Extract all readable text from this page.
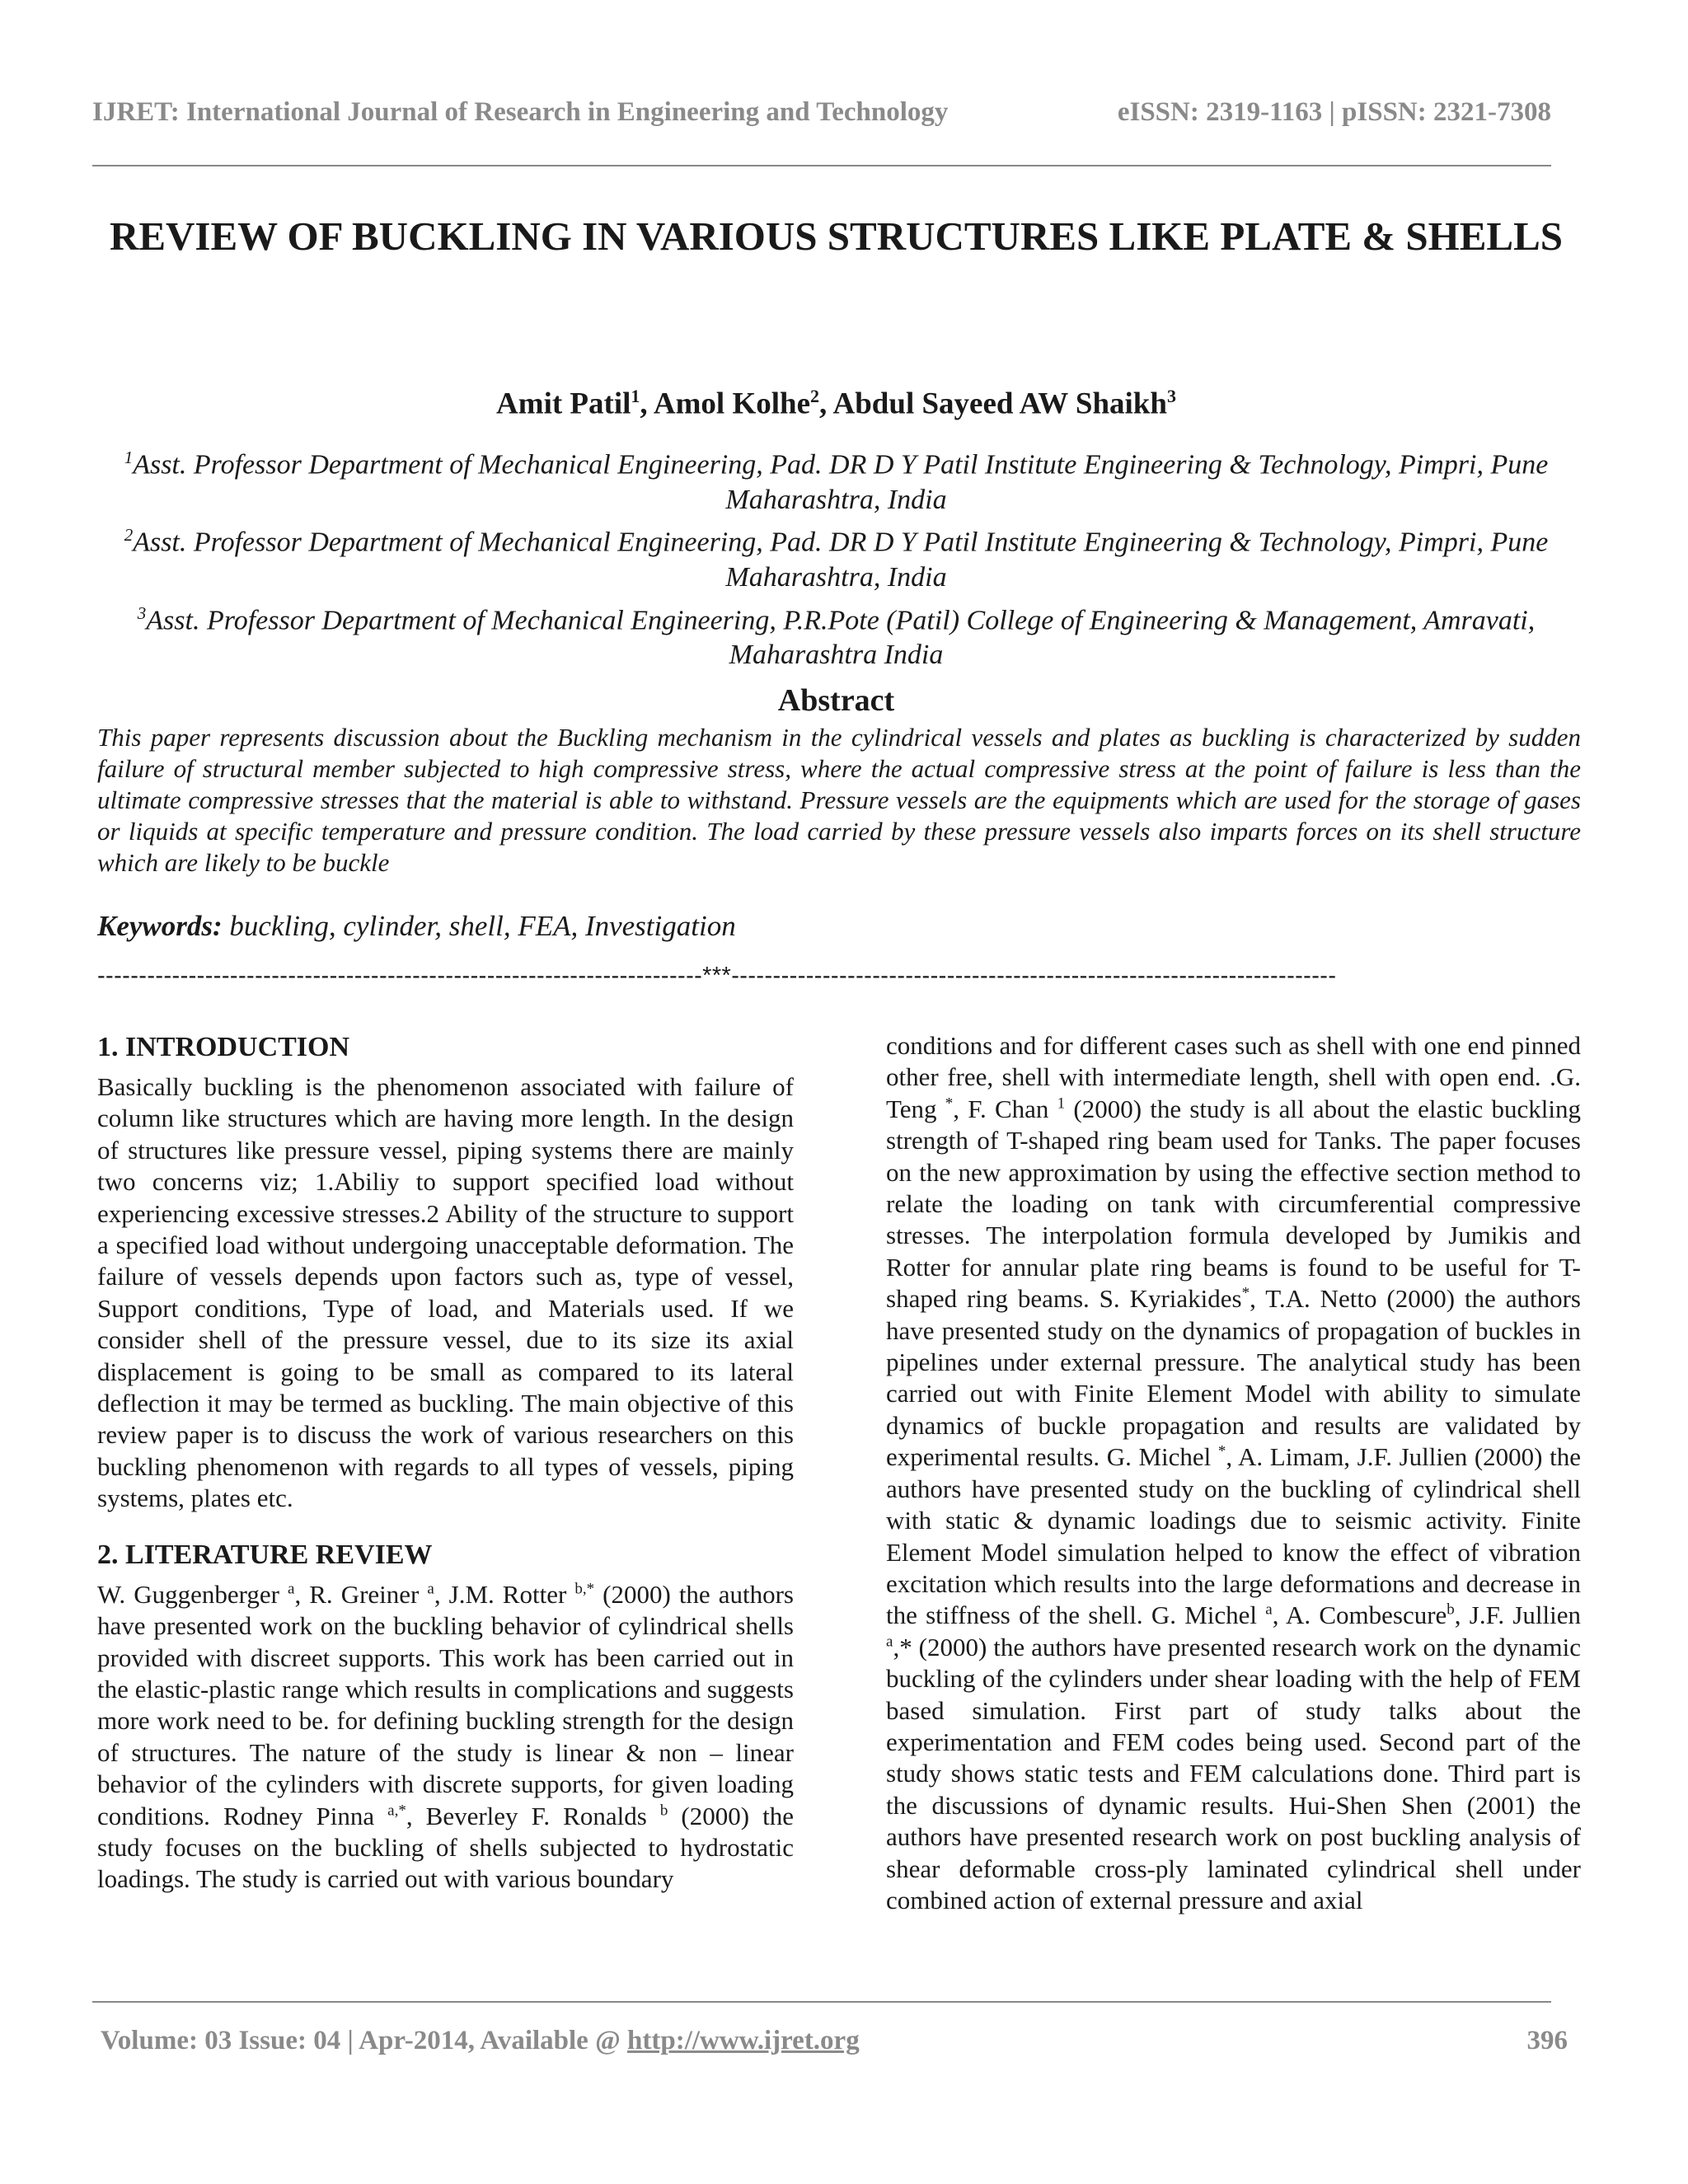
IJRET: International Journal of Research in Engineering and Technology	eISSN: 2319-1163 | pISSN: 2321-7308
REVIEW OF BUCKLING IN VARIOUS STRUCTURES LIKE PLATE & SHELLS
Amit Patil$^1$, Amol Kolhe$^2$, Abdul Sayeed AW Shaikh$^3$

$^1$Asst. Professor Department of Mechanical Engineering, Pad. DR D Y Patil Institute Engineering & Technology, Pimpri, Pune Maharashtra, India

$^2$Asst. Professor Department of Mechanical Engineering, Pad. DR D Y Patil Institute Engineering & Technology, Pimpri, Pune Maharashtra, India

$^3$Asst. Professor Department of Mechanical Engineering, P.R.Pote (Patil) College of Engineering & Management, Amravati, Maharashtra India

Abstract

This paper represents discussion about the Buckling mechanism in the cylindrical vessels and plates as buckling is characterized by sudden failure of structural member subjected to high compressive stress, where the actual compressive stress at the point of failure is less than the ultimate compressive stresses that the material is able to withstand. Pressure vessels are the equipments which are used for the storage of gases or liquids at specific temperature and pressure condition. The load carried by these pressure vessels also imparts forces on its shell structure which are likely to be buckle

Keywords: buckling, cylinder, shell, FEA, Investigation

-------------------------------------------------------------------------***-------------------------------------------------------------------------
1. INTRODUCTION

Basically buckling is the phenomenon associated with failure of column like structures which are having more length. In the design of structures like pressure vessel, piping systems there are mainly two concerns viz; 1.Abiliy to support specified load without experiencing excessive stresses.2 Ability of the structure to support a specified load without undergoing unacceptable deformation. The failure of vessels depends upon factors such as, type of vessel, Support conditions, Type of load, and Materials used. If we consider shell of the pressure vessel, due to its size its axial displacement is going to be small as compared to its lateral deflection it may be termed as buckling. The main objective of this review paper is to discuss the work of various researchers on this buckling phenomenon with regards to all types of vessels, piping systems, plates etc.

2. LITERATURE REVIEW

W. Guggenberger $^a$, R. Greiner $^a$, J.M. Rotter $^{b,*}$ (2000) the authors have presented work on the buckling behavior of cylindrical shells provided with discreet supports. This work has been carried out in the elastic-plastic range which results in complications and suggests more work need to be. for defining buckling strength for the design of structures. The nature of the study is linear & non – linear behavior of the cylinders with discrete supports, for given loading conditions. Rodney Pinna $^{a,*}$, Beverley F. Ronalds $^b$ (2000) the study focuses on the buckling of shells subjected to hydrostatic loadings. The study is carried out with various boundary

conditions and for different cases such as shell with one end pinned other free, shell with intermediate length, shell with open end. .G. Teng *, F. Chan $^1$ (2000) the study is all about the elastic buckling strength of T-shaped ring beam used for Tanks. The paper focuses on the new approximation by using the effective section method to relate the loading on tank with circumferential compressive stresses. The interpolation formula developed by Jumikis and Rotter for annular plate ring beams is found to be useful for T-shaped ring beams. S. Kyriakides*, T.A. Netto (2000) the authors have presented study on the dynamics of propagation of buckles in pipelines under external pressure. The analytical study has been carried out with Finite Element Model with ability to simulate dynamics of buckle propagation and results are validated by experimental results. G. Michel *, A. Limam, J.F. Jullien (2000) the authors have presented study on the buckling of cylindrical shell with static & dynamic loadings due to seismic activity. Finite Element Model simulation helped to know the effect of vibration excitation which results into the large deformations and decrease in the stiffness of the shell. G. Michel $^a$, A. Combescure$^b$, J.F. Jullien $^a$,* (2000) the authors have presented research work on the dynamic buckling of the cylinders under shear loading with the help of FEM based simulation. First part of study talks about the experimentation and FEM codes being used. Second part of the study shows static tests and FEM calculations done. Third part is the discussions of dynamic results. Hui-Shen Shen (2001) the authors have presented research work on post buckling analysis of shear deformable cross-ply laminated cylindrical shell under combined action of external pressure and axial

Volume: 03 Issue: 04 | Apr-2014, Available @ http://www.ijret.org	396
